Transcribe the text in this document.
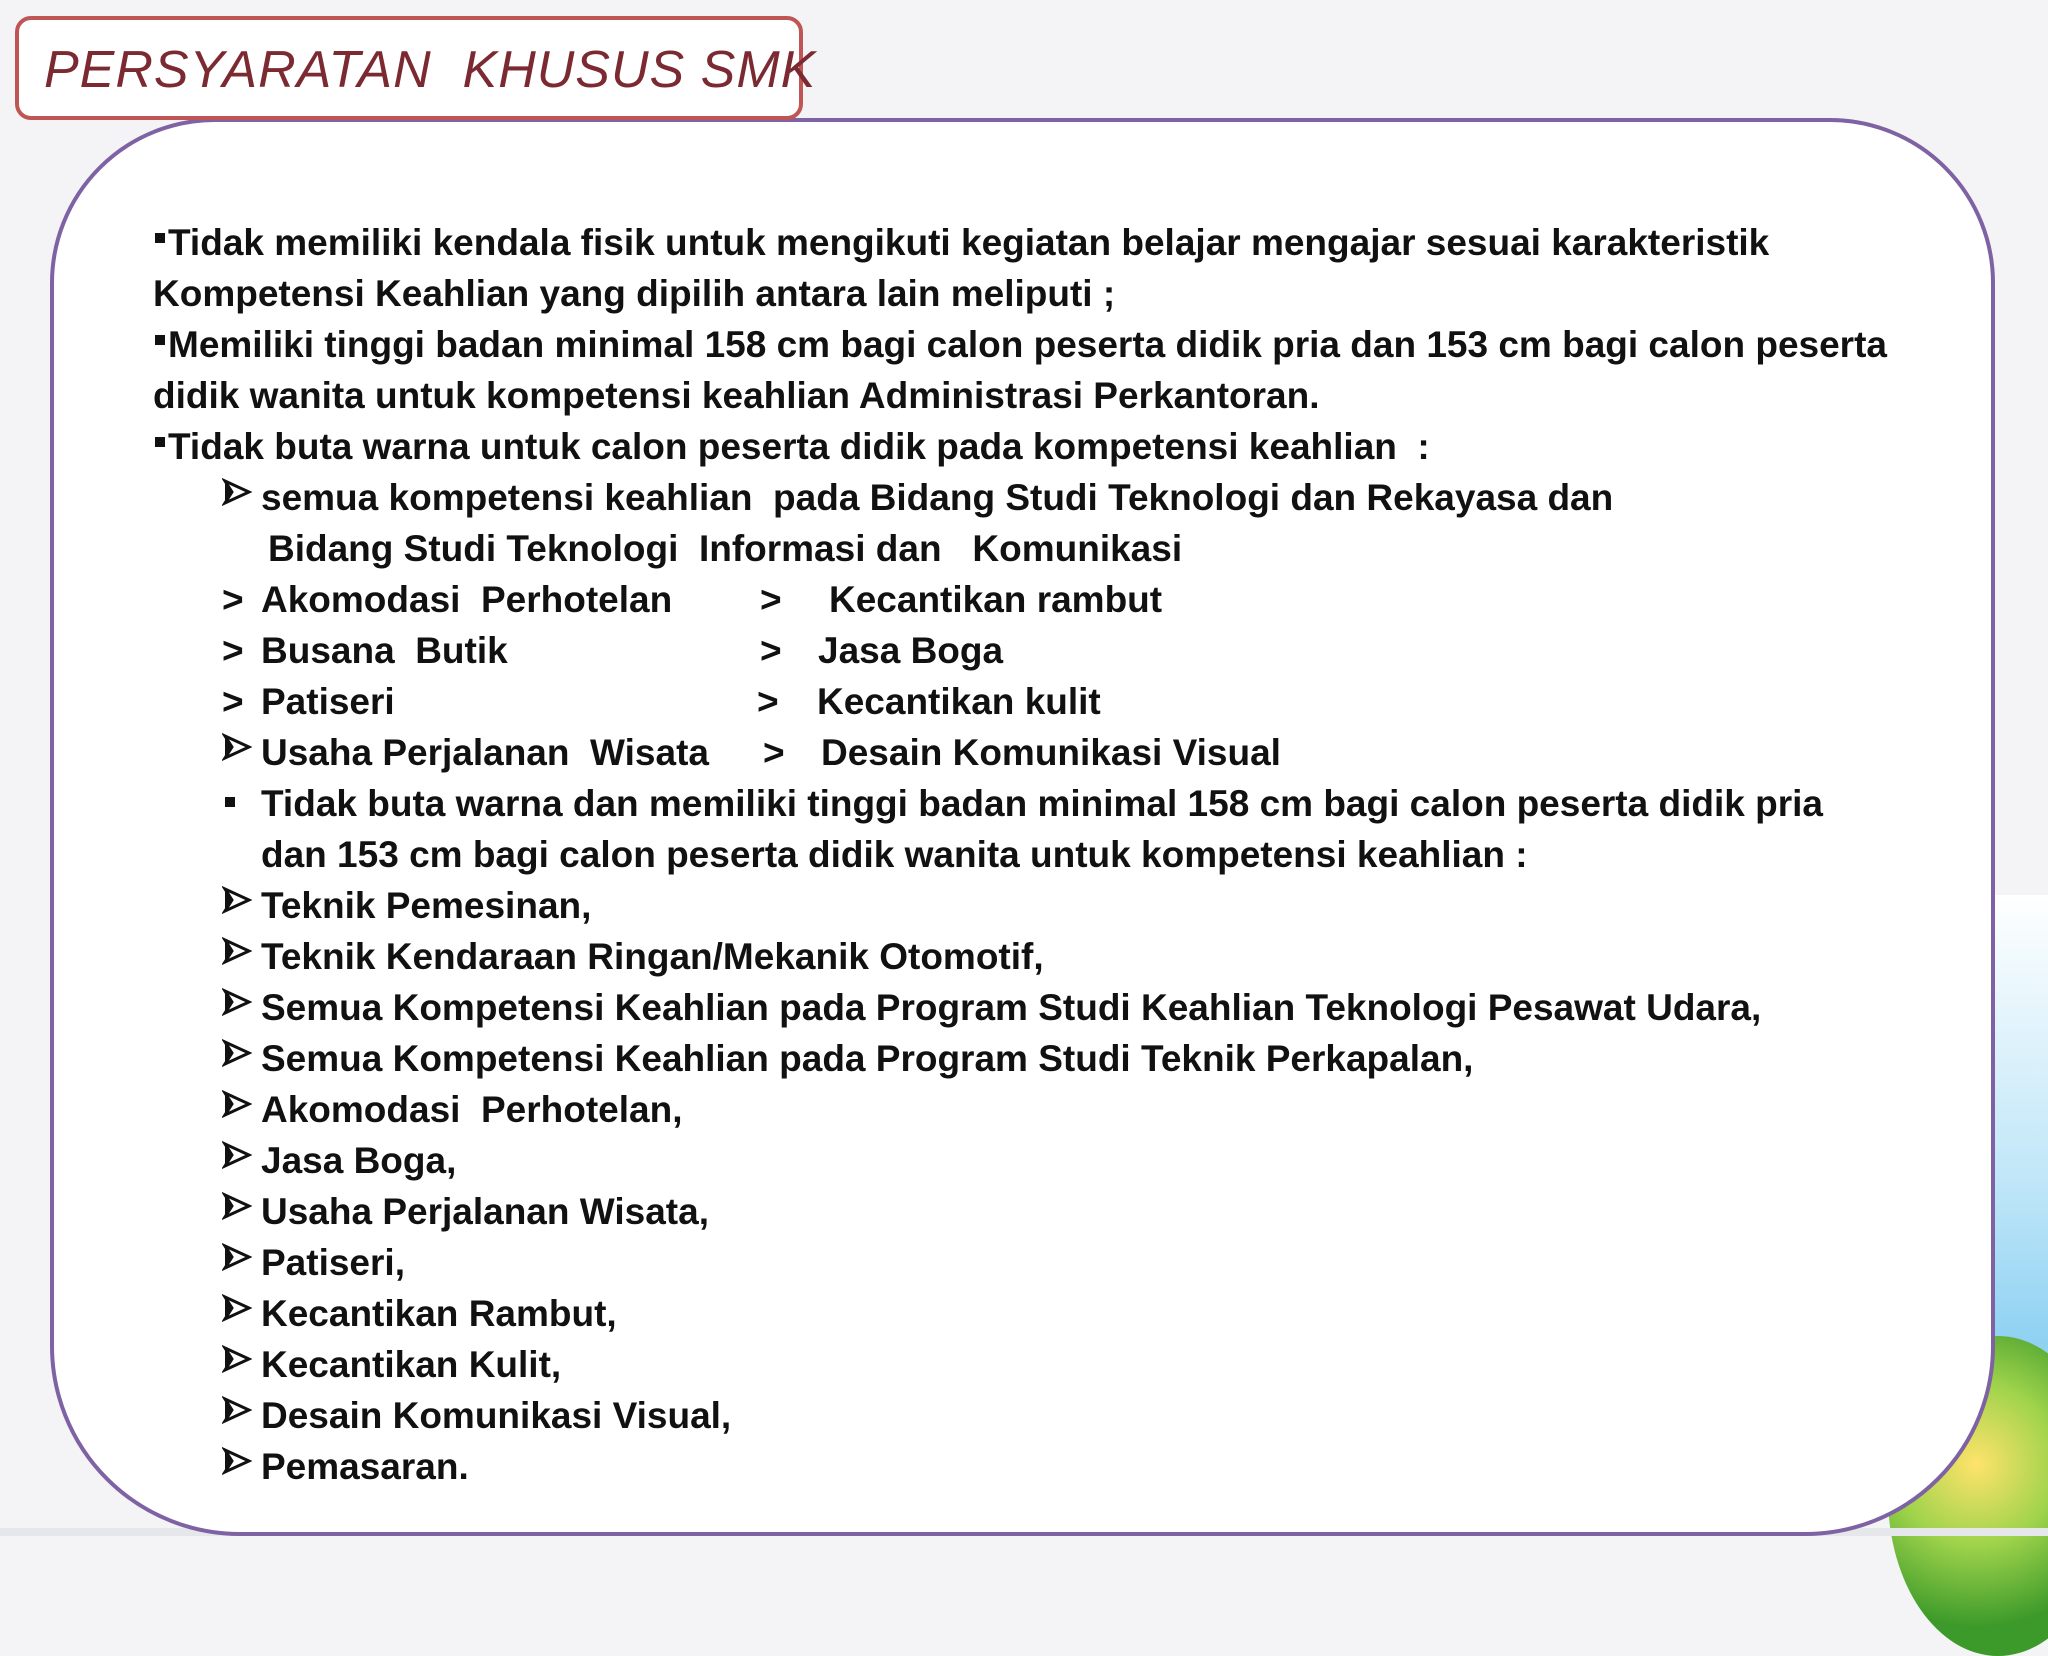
PERSYARATAN  KHUSUS SMK
Tidak memiliki kendala fisik untuk mengikuti kegiatan belajar mengajar sesuai karakteristik
Kompetensi Keahlian yang dipilih antara lain meliputi ;
Memiliki tinggi badan minimal 158 cm bagi calon peserta didik pria dan 153 cm bagi calon peserta
didik wanita untuk kompetensi keahlian Administrasi Perkantoran.
Tidak buta warna untuk calon peserta didik pada kompetensi keahlian  :
semua kompetensi keahlian  pada Bidang Studi Teknologi dan Rekayasa dan
Bidang Studi Teknologi  Informasi dan   Komunikasi
> Akomodasi  Perhotelan > Kecantikan rambut
> Busana  Butik	> Jasa Boga
> Patiseri	> Kecantikan kulit
Usaha Perjalanan  Wisata > Desain Komunikasi Visual
Tidak buta warna dan memiliki tinggi badan minimal 158 cm bagi calon peserta didik pria
dan 153 cm bagi calon peserta didik wanita untuk kompetensi keahlian :
Teknik Pemesinan,
Teknik Kendaraan Ringan/Mekanik Otomotif,
Semua Kompetensi Keahlian pada Program Studi Keahlian Teknologi Pesawat Udara,
Semua Kompetensi Keahlian pada Program Studi Teknik Perkapalan,
Akomodasi  Perhotelan,
Jasa Boga,
Usaha Perjalanan Wisata,
Patiseri,
Kecantikan Rambut,
Kecantikan Kulit,
Desain Komunikasi Visual,
Pemasaran.
